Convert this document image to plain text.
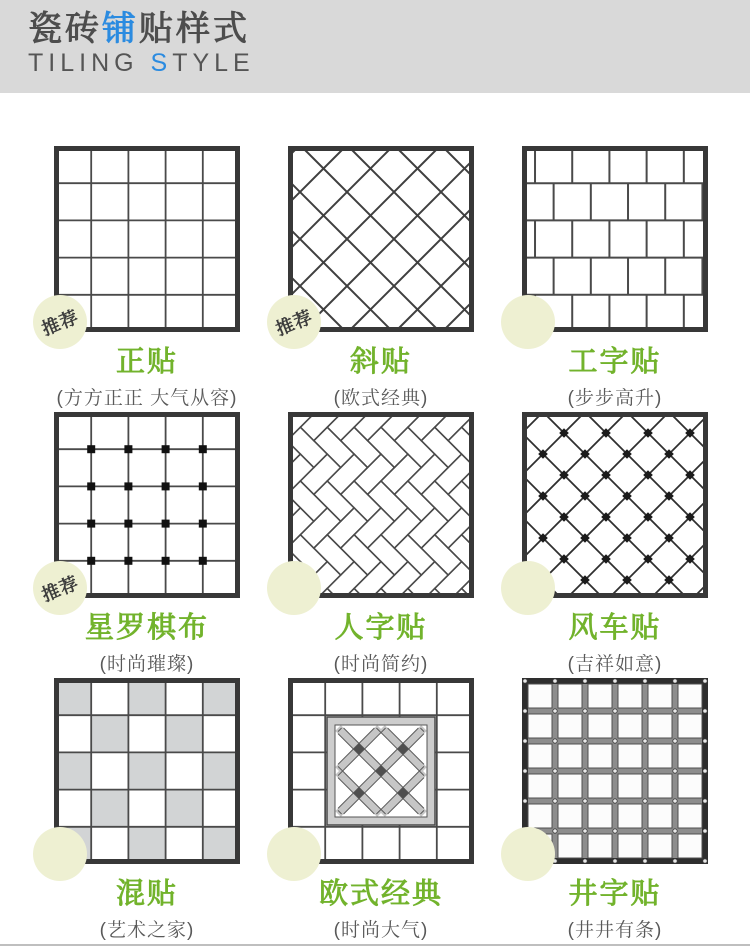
瓷砖铺贴样式
TILING STYLE
推荐
正贴
(方方正正 大气从容)
推荐
斜贴
(欧式经典)
工字贴
(步步高升)
推荐
星罗棋布
(时尚璀璨)
人字贴
(时尚简约)
风车贴
(吉祥如意)
混贴
(艺术之家)
欧式经典
(时尚大气)
井字贴
(井井有条)
